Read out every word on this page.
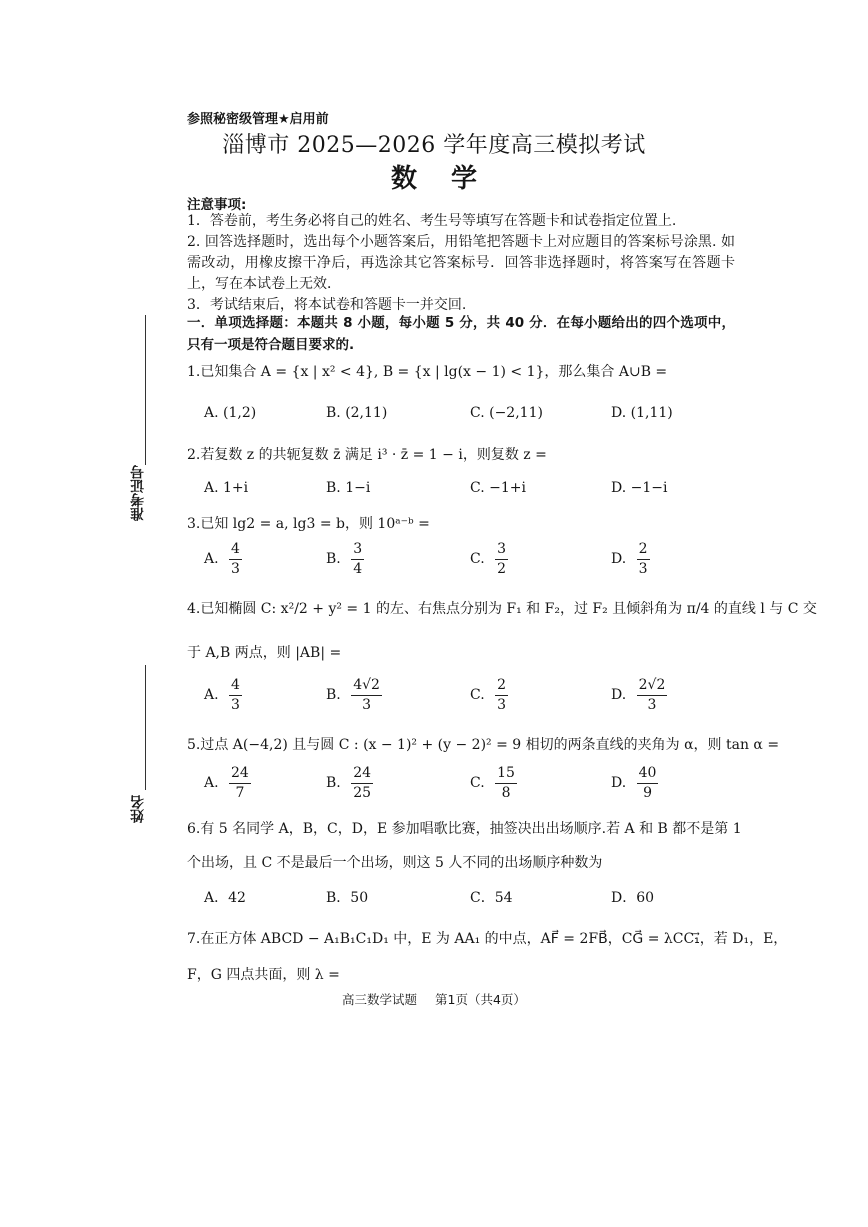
准考证号
姓名
参照秘密级管理★启用前
淄博市 2025—2026 学年度高三模拟考试
数学
注意事项:
1．答卷前，考生务必将自己的姓名、考生号等填写在答题卡和试卷指定位置上.
2. 回答选择题时，选出每个小题答案后，用铅笔把答题卡上对应题目的答案标号涂黑. 如需改动，用橡皮擦干净后，再选涂其它答案标号．回答非选择题时，将答案写在答题卡上，写在本试卷上无效．
3．考试结束后，将本试卷和答题卡一并交回.
一．单项选择题：本题共 8 小题，每小题 5 分，共 40 分．在每小题给出的四个选项中，只有一项是符合题目要求的.
1.已知集合 A = {x | x² < 4}, B = {x | lg(x − 1) < 1}，那么集合 A∪B =
A. (1,2)	B. (2,11)	C. (−2,11)	D. (1,11)
2.若复数 z 的共轭复数 z̄ 满足 i³ · z̄ = 1 − i，则复数 z =
A. 1+i	B. 1−i	C. −1+i	D. −1−i
3.已知 lg2 = a, lg3 = b，则 10ᵃ⁻ᵇ =
A. $\frac{4}{3}$	B. $\frac{3}{4}$	C. $\frac{3}{2}$	D. $\frac{2}{3}$
4.已知椭圆 C: x²/2 + y² = 1 的左、右焦点分别为 F₁ 和 F₂，过 F₂ 且倾斜角为 π/4 的直线 l 与 C 交
于 A,B 两点，则 |AB| =
A. $\frac{4}{3}$	B. $\frac{4√2}{3}$	C. $\frac{2}{3}$	D. $\frac{2√2}{3}$
5.过点 A(−4,2) 且与圆 C : (x − 1)² + (y − 2)² = 9 相切的两条直线的夹角为 α，则 tan α =
A. $\frac{24}{7}$	B. $\frac{24}{25}$	C. $\frac{15}{8}$	D. $\frac{40}{9}$
6.有 5 名同学 A，B，C，D，E 参加唱歌比赛，抽签决出出场顺序.若 A 和 B 都不是第 1
个出场，且 C 不是最后一个出场，则这 5 人不同的出场顺序种数为
A．42	B．50	C．54	D．60
7.在正方体 ABCD − A₁B₁C₁D₁ 中，E 为 AA₁ 的中点，AF⃗ = 2FB⃗，CG⃗ = λCC₁⃗，若 D₁，E，
F，G 四点共面，则 λ =
高三数学试题 第1页（共4页）
